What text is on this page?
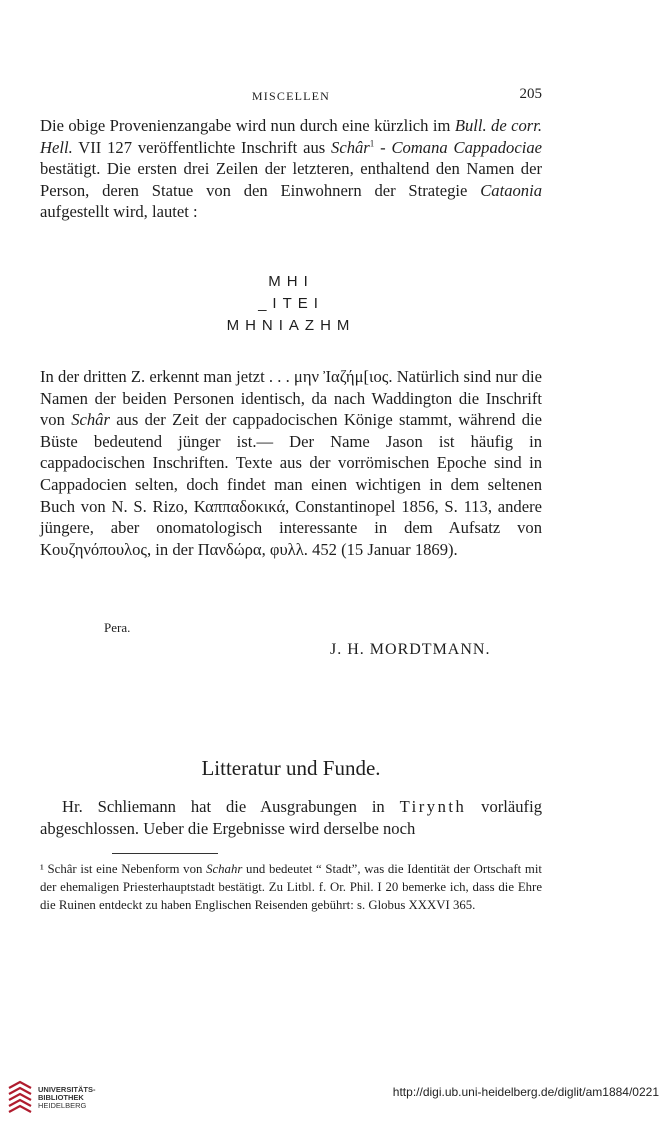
MISCELLEN	205

Die obige Provenienzangabe wird nun durch eine kürzlich im Bull. de corr. Hell. VII 127 veröffentlichte Inschrift aus Schâr$^1$ - Comana Cappadociae bestätigt. Die ersten drei Zeilen der letzteren, enthaltend den Namen der Person, deren Statue von den Einwohnern der Strategie Cataonia aufgestellt wird, lautet :

MHI
_ITEI
MHNIAZHM

In der dritten Z. erkennt man jetzt . . . μην Ἰαζήμ[ιος. Natürlich sind nur die Namen der beiden Personen identisch, da nach Waddington die Inschrift von Schâr aus der Zeit der cappadocischen Könige stammt, während die Büste bedeutend jünger ist.— Der Name Jason ist häufig in cappadocischen Inschriften. Texte aus der vorrömischen Epoche sind in Cappadocien selten, doch findet man einen wichtigen in dem seltenen Buch von N. S. Rizo, Καππαδοκικά, Constantinopel 1856, S. 113, andere jüngere, aber onomatologisch interessante in dem Aufsatz von Κουζηνόπουλος, in der Πανδώρα, φυλλ. 452 (15 Januar 1869).

Pera.
J. H. MORDTMANN.
Litteratur und Funde.

Hr. Schliemann hat die Ausgrabungen in Tirynth vorläufig abgeschlossen. Ueber die Ergebnisse wird derselbe noch

¹ Schâr ist eine Nebenform von Schahr und bedeutet “ Stadt”, was die Identität der Ortschaft mit der ehemaligen Priesterhauptstadt bestätigt. Zu Litbl. f. Or. Phil. I 20 bemerke ich, dass die Ehre die Ruinen entdeckt zu haben Englischen Reisenden gebührt: s. Globus XXXVI 365.

UNIVERSITÄTS-
BIBLIOTHEK
HEIDELBERG
http://digi.ub.uni-heidelberg.de/diglit/am1884/0221
